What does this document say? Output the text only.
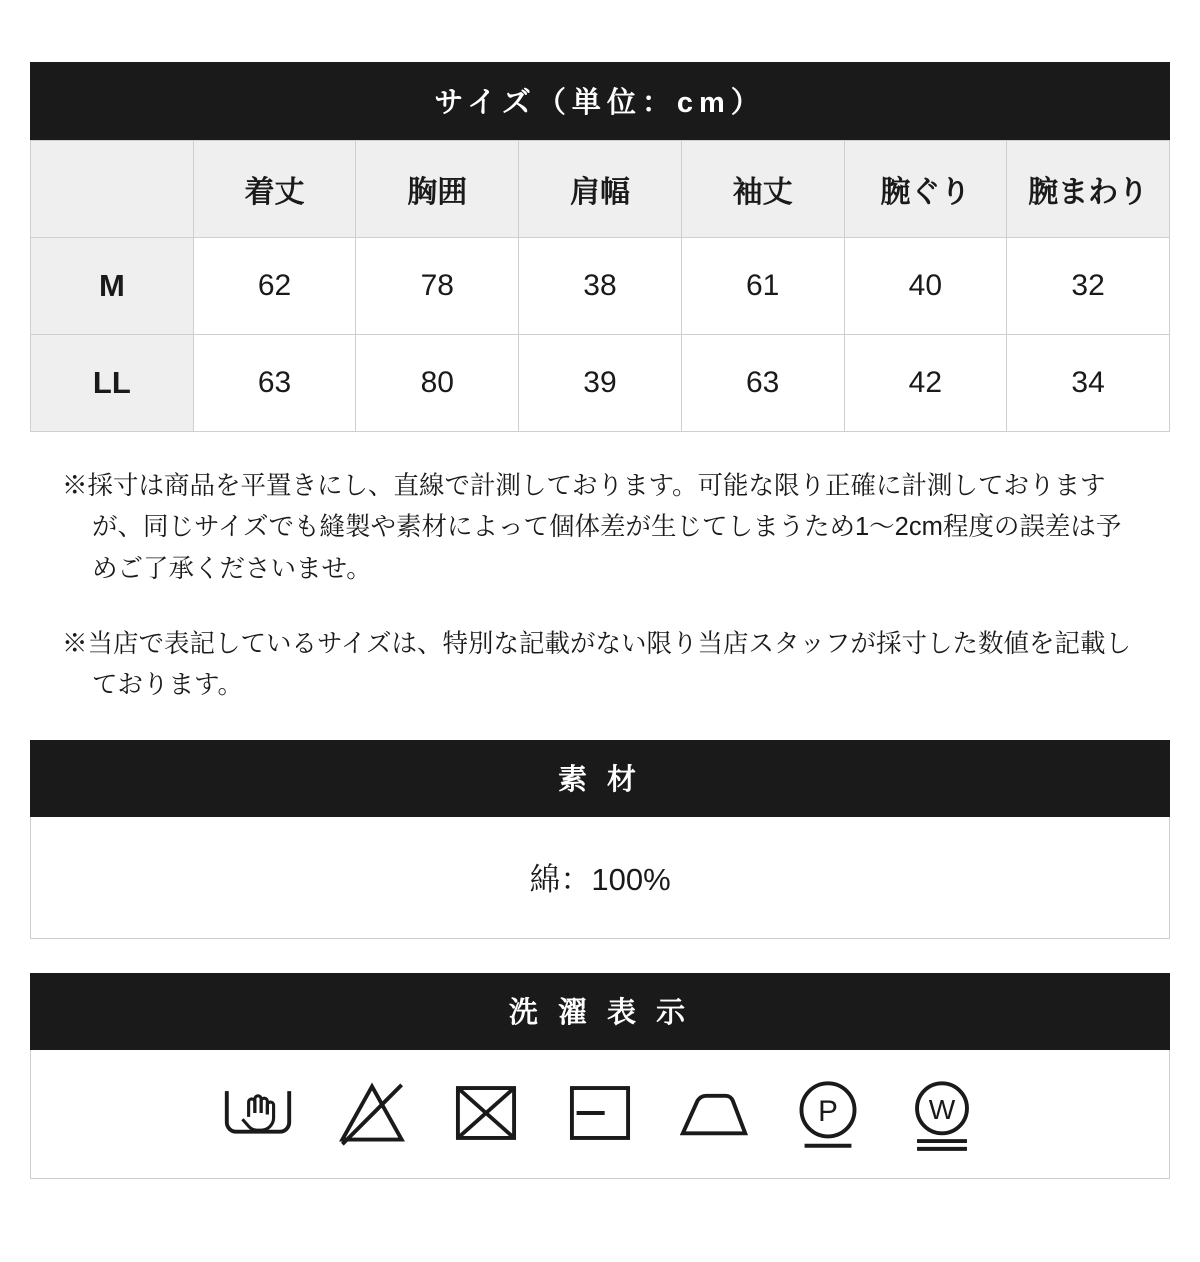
サイズ（単位：cm）
	着丈	胸囲	肩幅	袖丈	腕ぐり	腕まわり
M	62	78	38	61	40	32
LL	63	80	39	63	42	34

※採寸は商品を平置きにし、直線で計測しております。可能な限り正確に計測しておりますが、同じサイズでも縫製や素材によって個体差が生じてしまうため1〜2cm程度の誤差は予めご了承くださいませ。

※当店で表記しているサイズは、特別な記載がない限り当店スタッフが採寸した数値を記載しております。

素 材
綿：100%
洗 濯 表 示
P	W
